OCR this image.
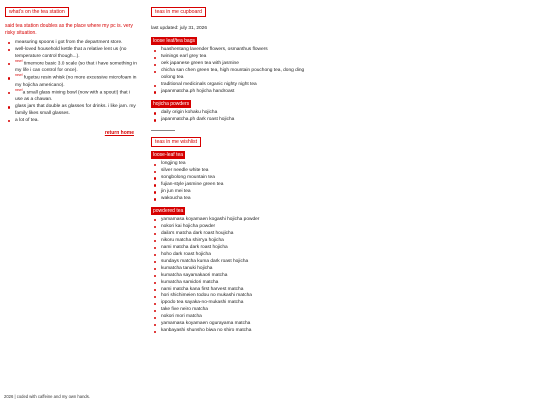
what's on the tea station

said tea station doubles as the place where my pc is. very risky situation.

measuring spoons i got from the department store.
well-loved household kettle that a relative lent us (no temperature control though...).
$^{new!}$ timemore basic 3.0 scale (so that i have something in my life i can control for once).
$^{new!}$ fugetsu resin whisk (no more excessive microfoam in my hojicha americano).
$^{new!}$a small glass mixing bowl (now with a spout!) that i use as a chawan.
glass jars that double as glasses for drinks. i like jam. my family likes small glasses.
a lot of tea.
return home
teas in me cupboard
last updated: july 31, 2026
loose leaf/tea bags
huashentang lavender flowers, osmanthus flowers
twinings earl grey tea
oek japanese green tea with jasmine
chicha san chen green tea, high mountain pouchong tea, dong ding oolong tea
traditional medicinals organic nighty night tea
japanmatcha.ph hojicha handroast
hojicha powders
daily origin kohaku hojicha
japanmatcha.ph dark roast hojicha
teas in me wishlist
loose-leaf tea
longjing tea
silver needle white tea
songbolong mountain tea
fujian-style jasmine green tea
jin jun mei tea
wakoucha tea
powdered tea
yamamasa koyamaen kogashi hojicha powder
nokori kai hojicha powder
daila's matcha dark roast houjicha
nikoru matcha shin'ya hojicha
nami matcha dark roast hojicha
hoho dark roast hojicha
sundays matcha kuma dark roast hojicha
kumatcha tanuki hojicha
kumatcha sayamakaori matcha
kumatcha samidori matcha
nami matcha kana first harvest matcha
hori shichimeien todou no mukashi matcha
ippodo tea sayaka-no-mukashi matcha
take five neiro matcha
nokori mori matcha
yamamasa koyamaen ogurayama matcha
kanbayashi shunsho biwa no shiro matcha
2026 | coded with caffeine and my own hands.
